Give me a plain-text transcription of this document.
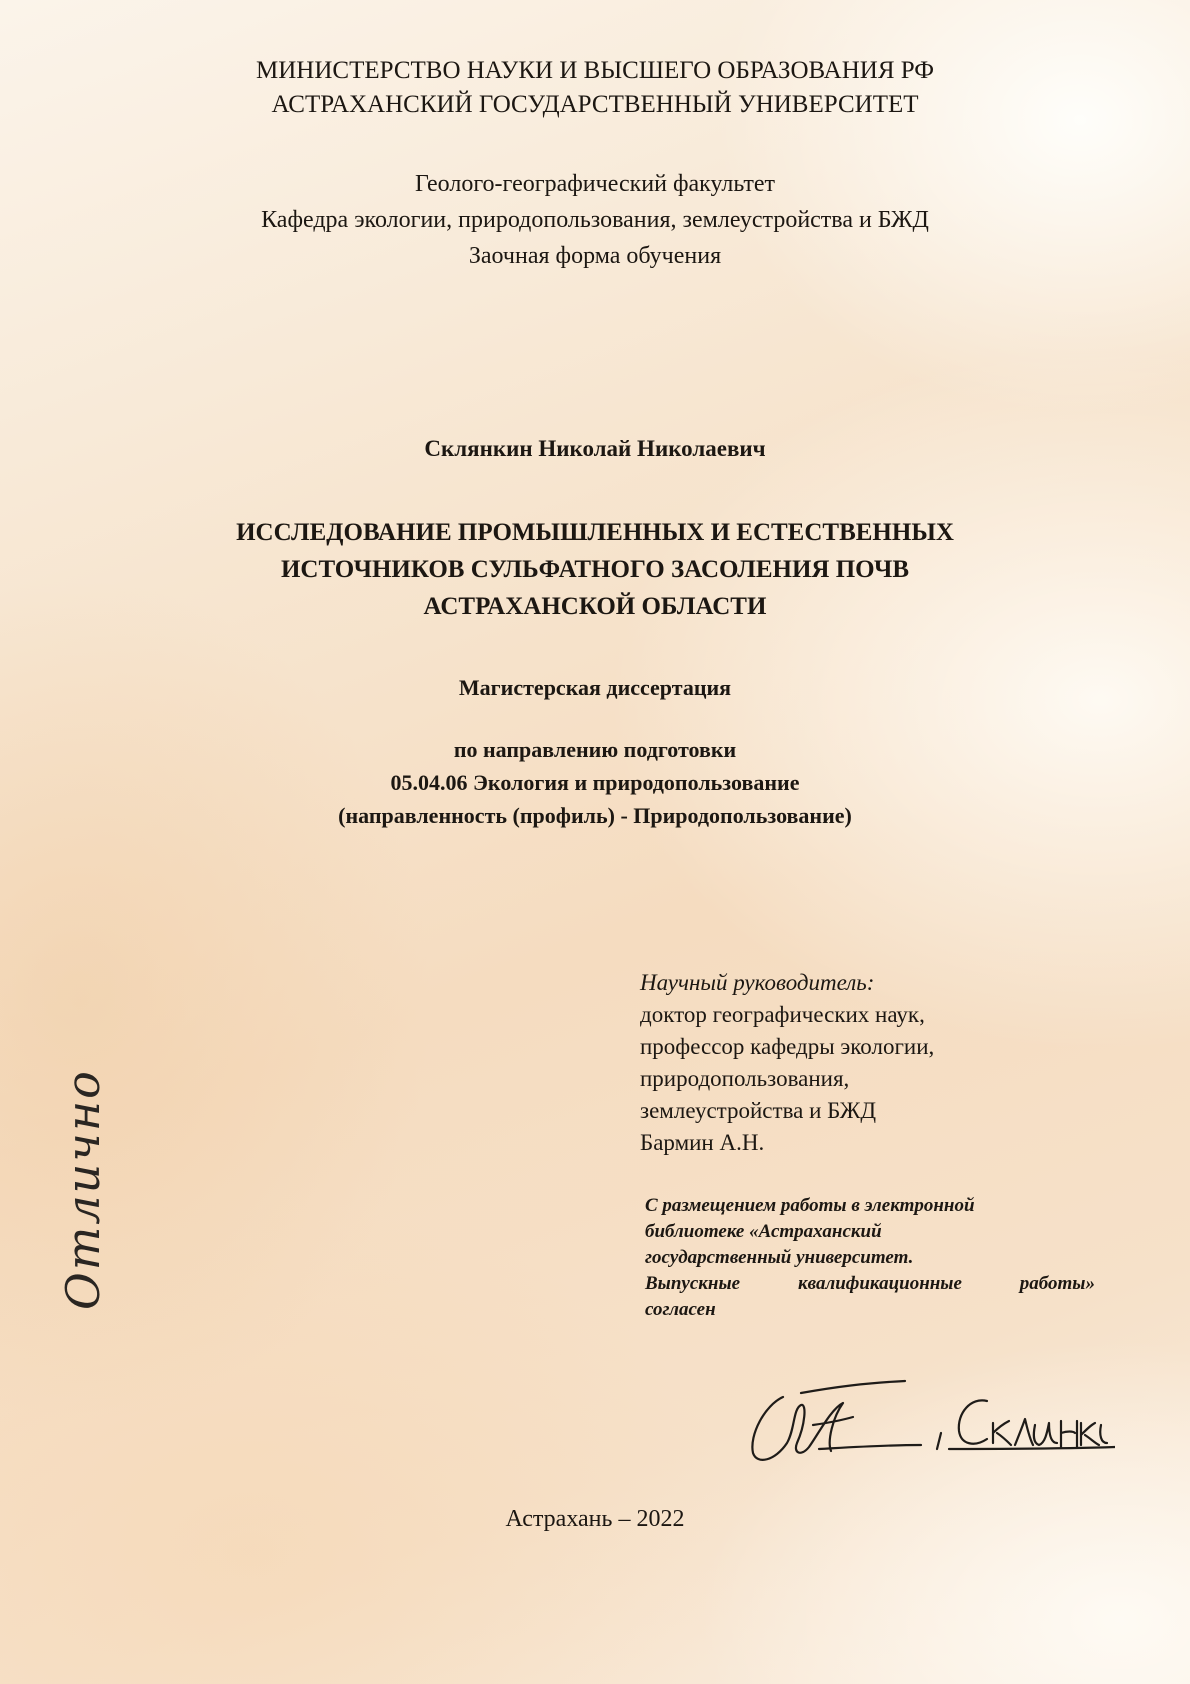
МИНИСТЕРСТВО НАУКИ И ВЫСШЕГО ОБРАЗОВАНИЯ РФ
АСТРАХАНСКИЙ ГОСУДАРСТВЕННЫЙ УНИВЕРСИТЕТ
Геолого-географический факультет
Кафедра экологии, природопользования, землеустройства и БЖД
Заочная форма обучения
Склянкин Николай Николаевич
ИССЛЕДОВАНИЕ ПРОМЫШЛЕННЫХ И ЕСТЕСТВЕННЫХ
ИСТОЧНИКОВ СУЛЬФАТНОГО ЗАСОЛЕНИЯ ПОЧВ
АСТРАХАНСКОЙ ОБЛАСТИ
Магистерская диссертация
по направлению подготовки
05.04.06 Экология и природопользование
(направленность (профиль) - Природопользование)
Научный руководитель:
доктор географических наук,
профессор кафедры экологии,
природопользования,
землеустройства и БЖД
Бармин А.Н.
С размещением работы в электронной
библиотеке «Астраханский
государственный университет.
Выпускные квалификационные работы»
согласен
Отлично
Астрахань – 2022
